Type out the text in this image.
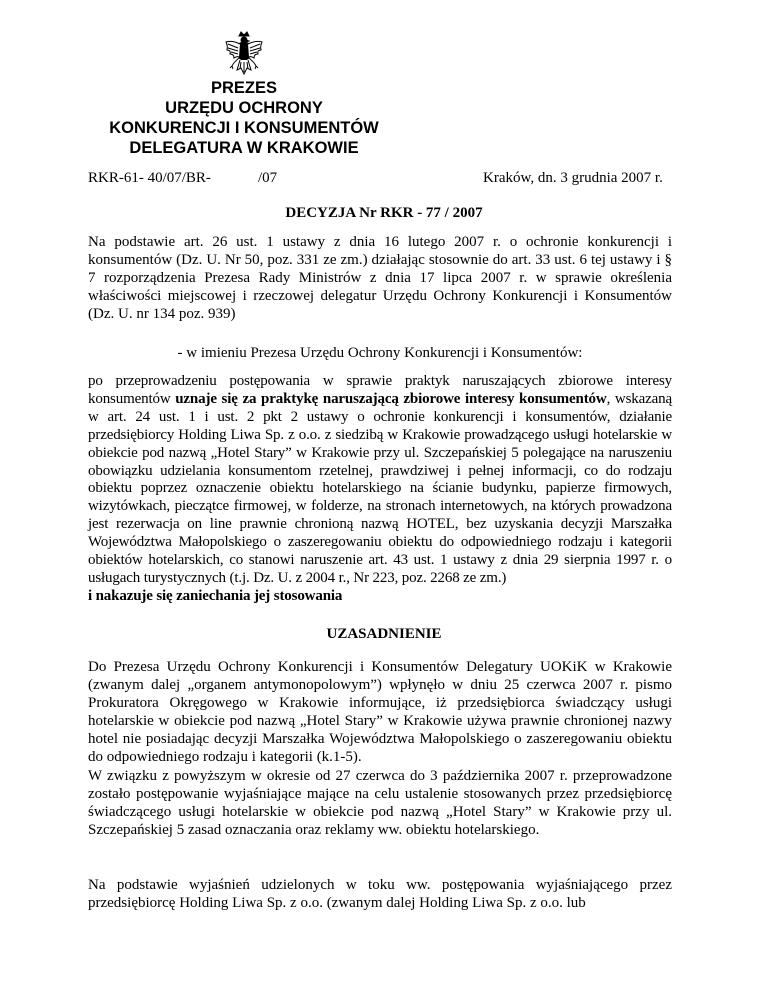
PREZES
URZĘDU OCHRONY
KONKURENCJI I KONSUMENTÓW
DELEGATURA W KRAKOWIE
RKR-61- 40/07/BR-	/07	Kraków, dn. 3 grudnia 2007 r.
DECYZJA Nr RKR - 77 / 2007

Na podstawie art. 26 ust. 1 ustawy z dnia 16 lutego 2007 r. o ochronie konkurencji i konsumentów (Dz. U. Nr 50, poz. 331 ze zm.) działając stosownie do art. 33 ust. 6 tej ustawy i § 7 rozporządzenia Prezesa Rady Ministrów z dnia 17 lipca 2007 r. w sprawie określenia właściwości miejscowej i rzeczowej delegatur Urzędu Ochrony Konkurencji i Konsumentów (Dz. U. nr 134 poz. 939)

- w imieniu Prezesa Urzędu Ochrony Konkurencji i Konsumentów:

po przeprowadzeniu postępowania w sprawie praktyk naruszających zbiorowe interesy konsumentów uznaje się za praktykę naruszającą zbiorowe interesy konsumentów, wskazaną w art. 24 ust. 1 i ust. 2 pkt 2 ustawy o ochronie konkurencji i konsumentów, działanie przedsiębiorcy Holding Liwa Sp. z o.o. z siedzibą w Krakowie prowadzącego usługi hotelarskie w obiekcie pod nazwą „Hotel Stary” w Krakowie przy ul. Szczepańskiej 5 polegające na naruszeniu obowiązku udzielania konsumentom rzetelnej, prawdziwej i pełnej informacji, co do rodzaju obiektu poprzez oznaczenie obiektu hotelarskiego na ścianie budynku, papierze firmowych, wizytówkach, pieczątce firmowej, w folderze, na stronach internetowych, na których prowadzona jest rezerwacja on line prawnie chronioną nazwą HOTEL, bez uzyskania decyzji Marszałka Województwa Małopolskiego o zaszeregowaniu obiektu do odpowiedniego rodzaju i kategorii obiektów hotelarskich, co stanowi naruszenie art. 43 ust. 1 ustawy z dnia 29 sierpnia 1997 r. o usługach turystycznych (t.j. Dz. U. z 2004 r., Nr 223, poz. 2268 ze zm.)

i nakazuje się zaniechania jej stosowania

UZASADNIENIE

Do Prezesa Urzędu Ochrony Konkurencji i Konsumentów Delegatury UOKiK w Krakowie (zwanym dalej „organem antymonopolowym”) wpłynęło w dniu 25 czerwca 2007 r. pismo Prokuratora Okręgowego w Krakowie informujące, iż przedsiębiorca świadczący usługi hotelarskie w obiekcie pod nazwą „Hotel Stary” w Krakowie używa prawnie chronionej nazwy hotel nie posiadając decyzji Marszałka Województwa Małopolskiego o zaszeregowaniu obiektu do odpowiedniego rodzaju i kategorii (k.1-5).

W związku z powyższym w okresie od 27 czerwca do 3 października 2007 r. przeprowadzone zostało postępowanie wyjaśniające mające na celu ustalenie stosowanych przez przedsiębiorcę świadczącego usługi hotelarskie w obiekcie pod nazwą „Hotel Stary” w Krakowie przy ul. Szczepańskiej 5 zasad oznaczania oraz reklamy ww. obiektu hotelarskiego.

Na podstawie wyjaśnień udzielonych w toku ww. postępowania wyjaśniającego przez przedsiębiorcę Holding Liwa Sp. z o.o. (zwanym dalej Holding Liwa Sp. z o.o. lub
